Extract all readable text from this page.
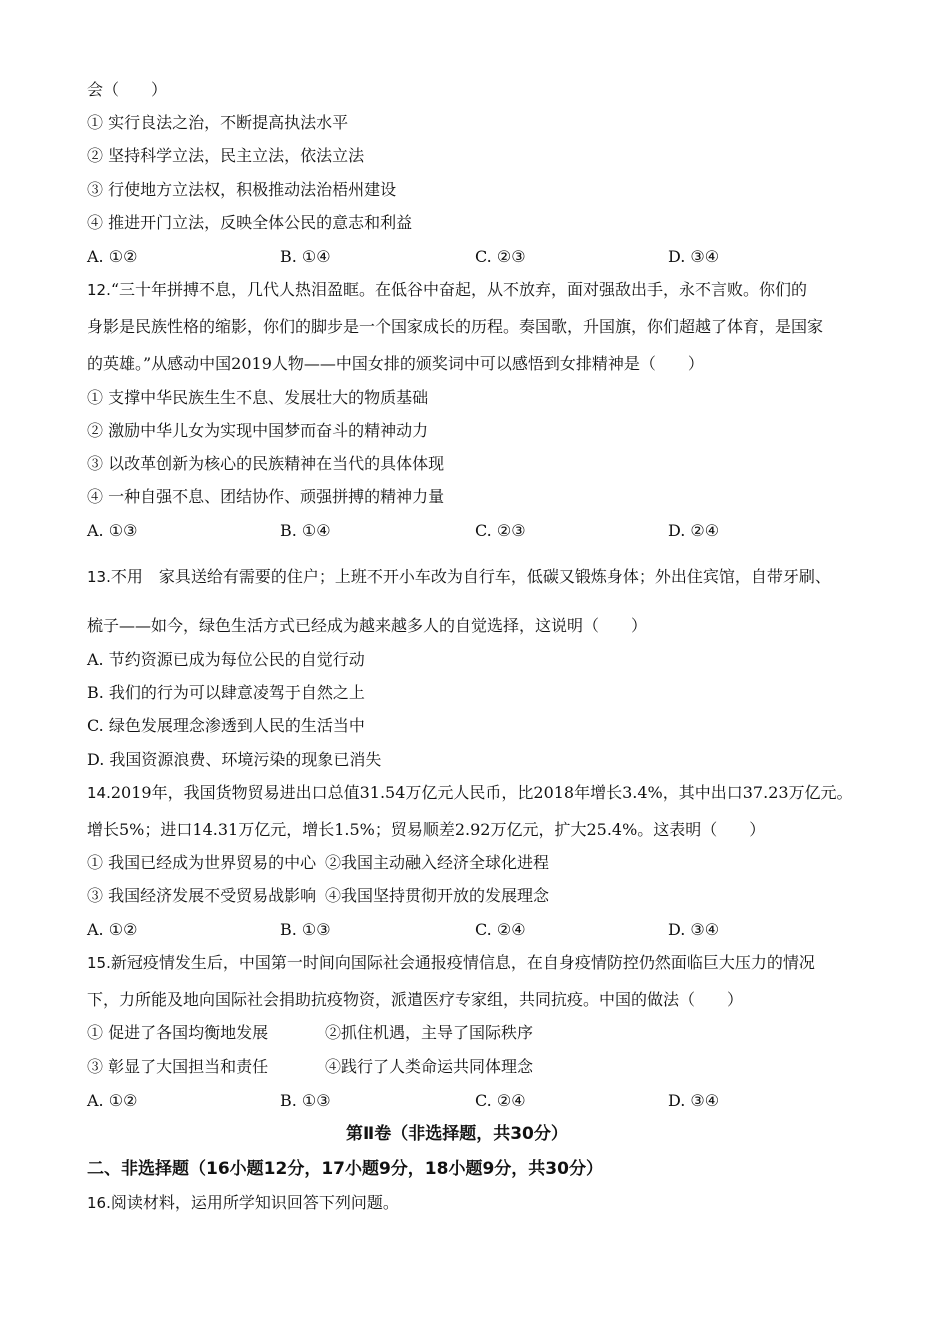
会（　　）
① 实行良法之治，不断提高执法水平
② 坚持科学立法，民主立法，依法立法
③ 行使地方立法权，积极推动法治梧州建设
④ 推进开门立法，反映全体公民的意志和利益
A. ①②	B. ①④	C. ②③	D. ③④
12.“三十年拼搏不息，几代人热泪盈眶。在低谷中奋起，从不放弃，面对强敌出手，永不言败。你们的
身影是民族性格的缩影，你们的脚步是一个国家成长的历程。奏国歌，升国旗，你们超越了体育，是国家
的英雄。”从感动中国2019人物——中国女排的颁奖词中可以感悟到女排精神是（　　）
① 支撑中华民族生生不息、发展壮大的物质基础
② 激励中华儿女为实现中国梦而奋斗的精神动力
③ 以改革创新为核心的民族精神在当代的具体体现
④ 一种自强不息、团结协作、顽强拼搏的精神力量
A. ①③	B. ①④	C. ②③	D. ②④
13.不用　家具送给有需要的住户；上班不开小车改为自行车，低碳又锻炼身体；外出住宾馆，自带牙刷、
梳子——如今，绿色生活方式已经成为越来越多人的自觉选择，这说明（　　）
A. 节约资源已成为每位公民的自觉行动
B. 我们的行为可以肆意凌驾于自然之上
C. 绿色发展理念渗透到人民的生活当中
D. 我国资源浪费、环境污染的现象已消失
14.2019年，我国货物贸易进出口总值31.54万亿元人民币，比2018年增长3.4%，其中出口37.23万亿元。
增长5%；进口14.31万亿元，增长1.5%；贸易顺差2.92万亿元，扩大25.4%。这表明（　　）
① 我国已经成为世界贸易的中心 ②我国主动融入经济全球化进程
③ 我国经济发展不受贸易战影响 ④我国坚持贯彻开放的发展理念
A. ①②	B. ①③	C. ②④	D. ③④
15.新冠疫情发生后，中国第一时间向国际社会通报疫情信息，在自身疫情防控仍然面临巨大压力的情况
下，力所能及地向国际社会捐助抗疫物资，派遣医疗专家组，共同抗疫。中国的做法（　　）
① 促进了各国均衡地发展	②抓住机遇，主导了国际秩序
③ 彰显了大国担当和责任	④践行了人类命运共同体理念
A. ①②	B. ①③	C. ②④	D. ③④
第Ⅱ卷（非选择题，共30分）
二、非选择题（16小题12分，17小题9分，18小题9分，共30分）
16.阅读材料，运用所学知识回答下列问题。
